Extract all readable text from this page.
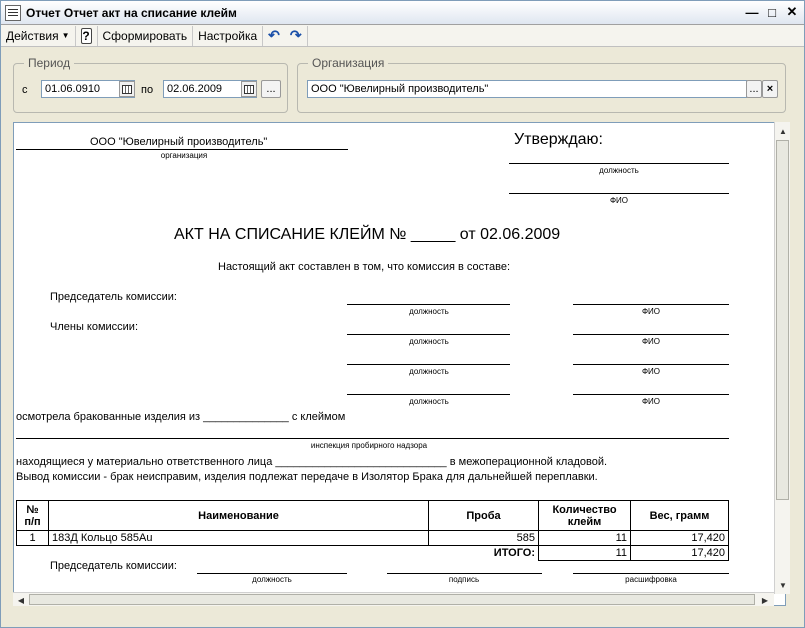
Отчет Отчет акт на списание клейм	— □ ✕
Действия ▼ ?	Сформировать Настройка ↶ ↷
Период
с	01.06.0910	по	02.06.2009	...
Организация
ООО "Ювелирный производитель"	... ×
ООО "Ювелирный производитель"
организация
Утверждаю:
должность
ФИО
АКТ НА СПИСАНИЕ КЛЕЙМ № _____ от 02.06.2009
Настоящий акт составлен в том, что комиссия в составе:
Председатель комиссии:
должность	ФИО
Члены комиссии:
должность	ФИО
должность	ФИО
должность	ФИО
осмотрела бракованные изделия из ______________ с клеймом
инспекция пробирного надзора
находящиеся у материально ответственного лица ____________________________ в межоперационной кладовой.
Вывод комиссии - брак неисправим, изделия подлежат передаче в Изолятор Брака для дальнейшей переплавки.
№ п/п	Наименование	Проба	Количество клейм	Вес, грамм
1	183Д Кольцо 585Au	585	11	17,420
ИТОГО:			11	17,420
Председатель комиссии:
должность	подпись	расшифровка
▲
▼
◀	▶
